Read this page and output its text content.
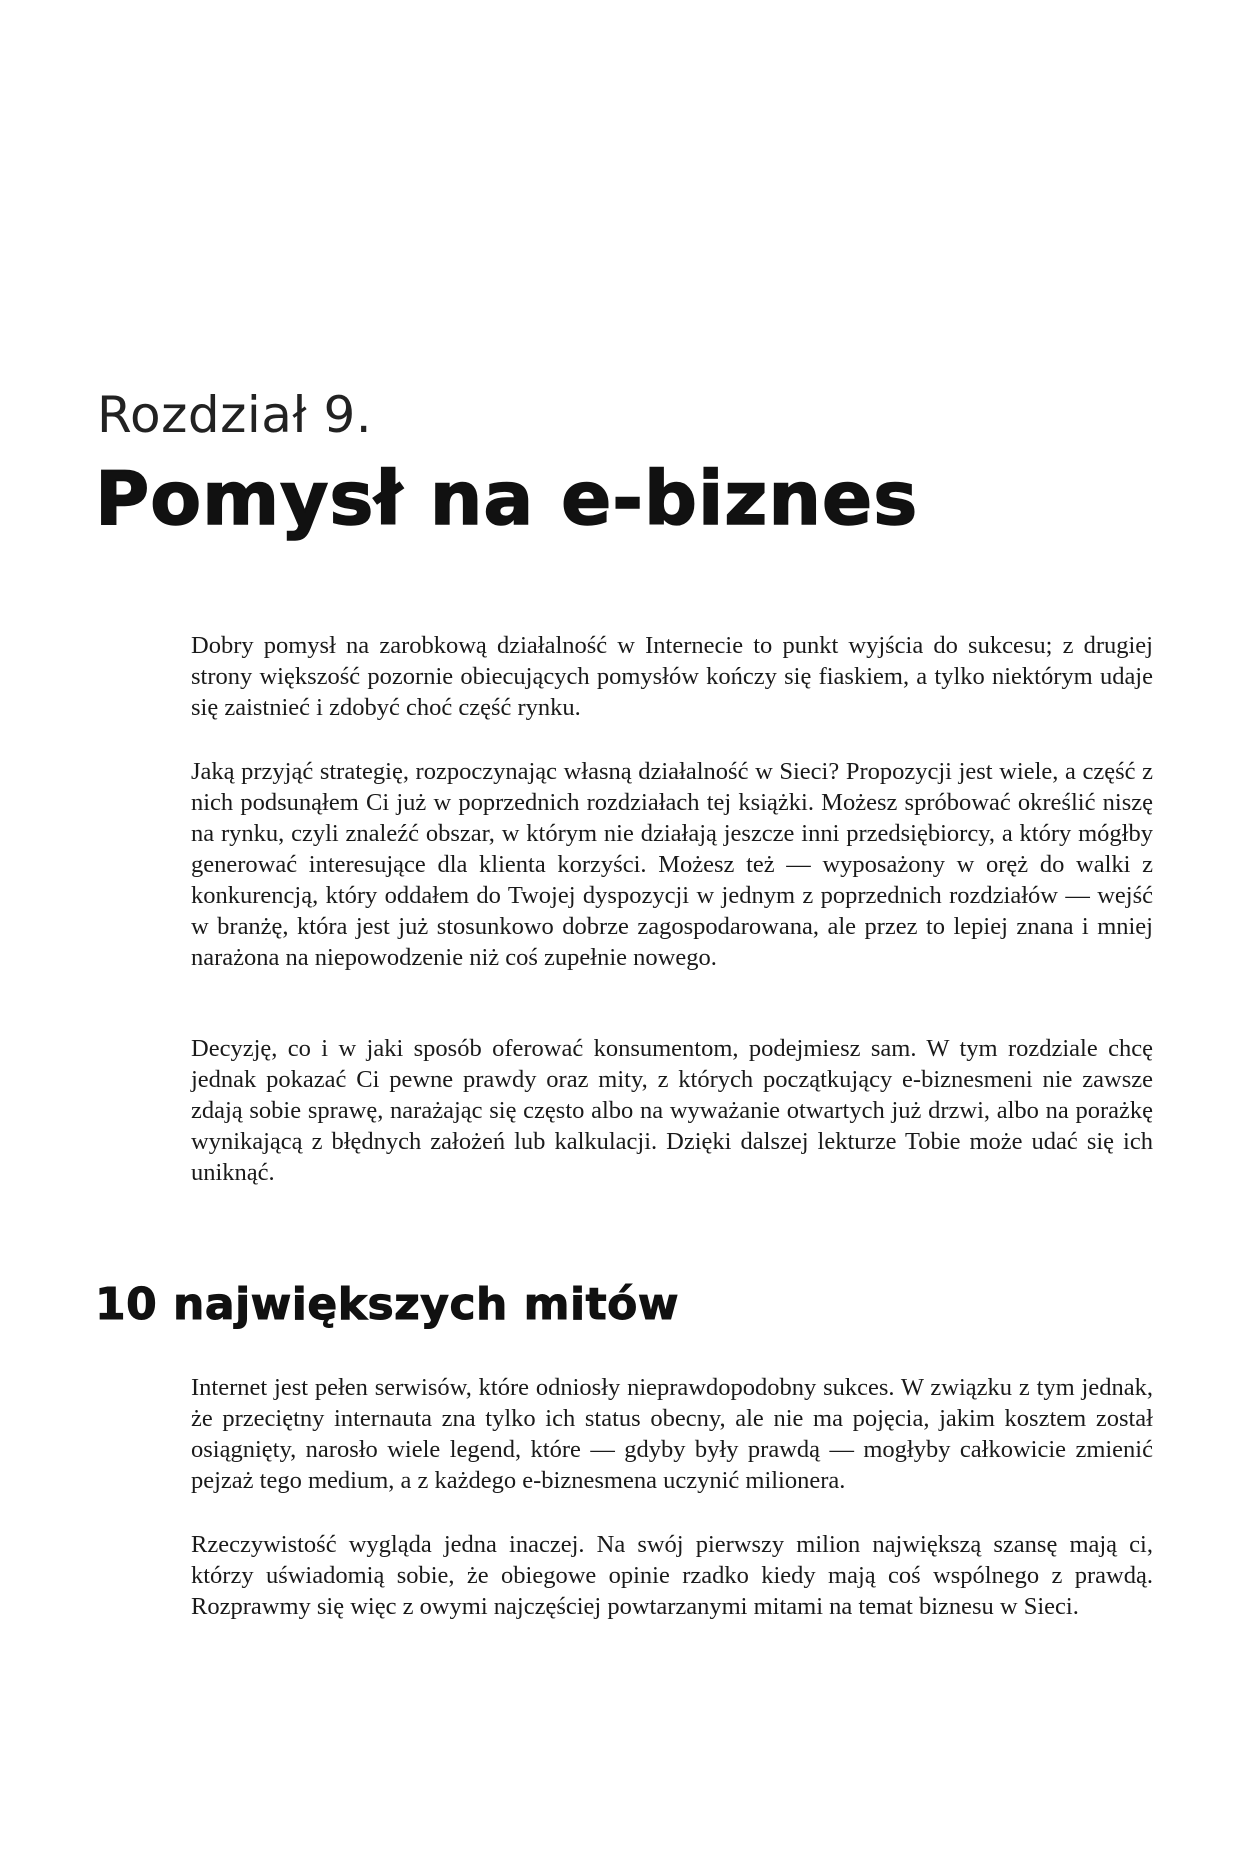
Rozdział 9.
Pomysł na e-biznes

Dobry pomysł na zarobkową działalność w Internecie to punkt wyjścia do sukcesu; z drugiej strony większość pozornie obiecujących pomysłów kończy się fiaskiem, a tylko niektórym udaje się zaistnieć i zdobyć choć część rynku.

Jaką przyjąć strategię, rozpoczynając własną działalność w Sieci? Propozycji jest wiele, a część z nich podsunąłem Ci już w poprzednich rozdziałach tej książki. Możesz spróbować określić niszę na rynku, czyli znaleźć obszar, w którym nie działają jeszcze inni przedsiębiorcy, a który mógłby generować interesujące dla klienta korzyści. Możesz też — wyposażony w oręż do walki z konkurencją, który oddałem do Twojej dyspozycji w jednym z poprzednich rozdziałów — wejść w branżę, która jest już stosunkowo dobrze zagospodarowana, ale przez to lepiej znana i mniej narażona na niepowodzenie niż coś zupełnie nowego.

Decyzję, co i w jaki sposób oferować konsumentom, podejmiesz sam. W tym rozdziale chcę jednak pokazać Ci pewne prawdy oraz mity, z których początkujący e-biznesmeni nie zawsze zdają sobie sprawę, narażając się często albo na wyważanie otwartych już drzwi, albo na porażkę wynikającą z błędnych założeń lub kalkulacji. Dzięki dalszej lekturze Tobie może udać się ich uniknąć.

10 największych mitów

Internet jest pełen serwisów, które odniosły nieprawdopodobny sukces. W związku z tym jednak, że przeciętny internauta zna tylko ich status obecny, ale nie ma pojęcia, jakim kosztem został osiągnięty, narosło wiele legend, które — gdyby były prawdą — mogłyby całkowicie zmienić pejzaż tego medium, a z każdego e-biznesmena uczynić milionera.

Rzeczywistość wygląda jedna inaczej. Na swój pierwszy milion największą szansę mają ci, którzy uświadomią sobie, że obiegowe opinie rzadko kiedy mają coś wspólnego z prawdą. Rozprawmy się więc z owymi najczęściej powtarzanymi mitami na temat biznesu w Sieci.
